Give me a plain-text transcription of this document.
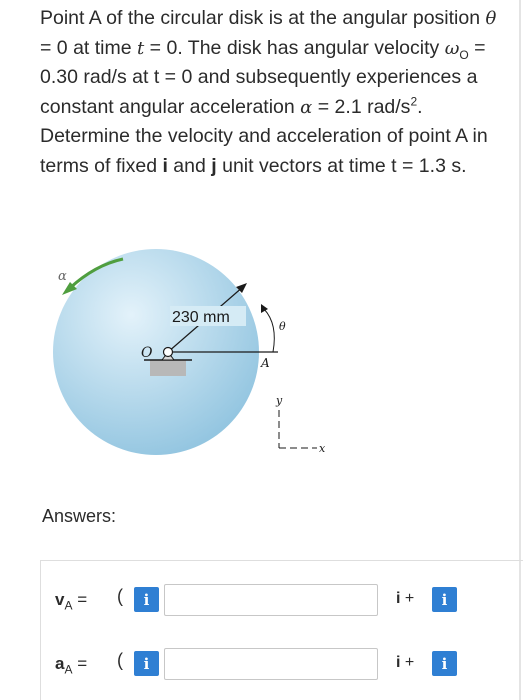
Point A of the circular disk is at the angular position θ = 0 at time t = 0. The disk has angular velocity $\omega_O = 0.30$ rad/s at t = 0 and subsequently experiences a constant angular acceleration α = 2.1 rad/$s^2$. Determine the velocity and acceleration of point A in terms of fixed i and j unit vectors at time t = 1.3 s.

α
230 mm
O
A
θ
y
x
Answers:
$v_A$ = (	i	i +	i
$a_A$ = (	i	i +	i
